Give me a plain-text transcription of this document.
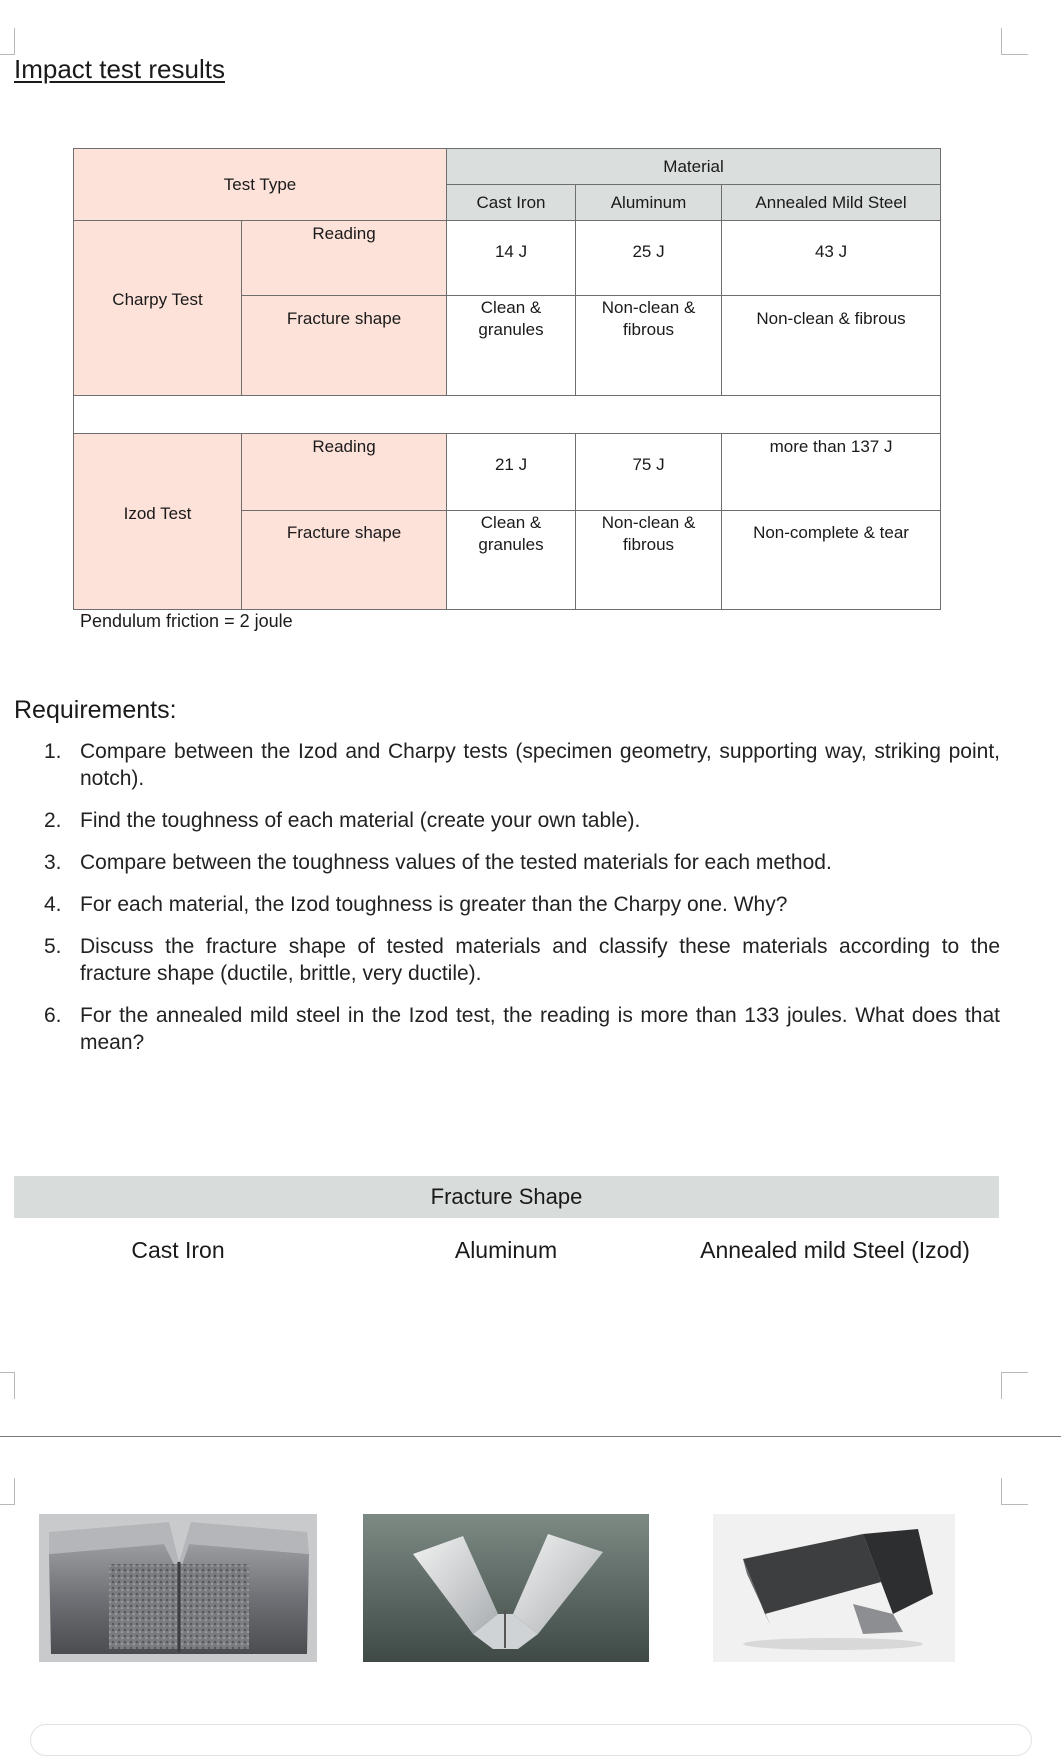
Impact test results
Test Type		Material		
		Cast Iron	Aluminum	Annealed Mild Steel

Charpy Test	Reading	14 J	25 J	43 J

	Fracture shape	Clean & granules	Non-clean & fibrous	Non-clean & fibrous

Izod Test	Reading	21 J	75 J	more than 137 J

	Fracture shape	Clean & granules	Non-clean & fibrous	Non-complete & tear
Pendulum friction = 2 joule
Requirements:
1. Compare between the Izod and Charpy tests (specimen geometry, supporting way, striking point, notch).
2. Find the toughness of each material (create your own table).
3. Compare between the toughness values of the tested materials for each method.
4. For each material, the Izod toughness is greater than the Charpy one. Why?
5. Discuss the fracture shape of tested materials and classify these materials according to the fracture shape (ductile, brittle, very ductile).
6. For the annealed mild steel in the Izod test, the reading is more than 133 joules. What does that mean?
Fracture Shape
Cast Iron	Aluminum	Annealed mild Steel (Izod)
